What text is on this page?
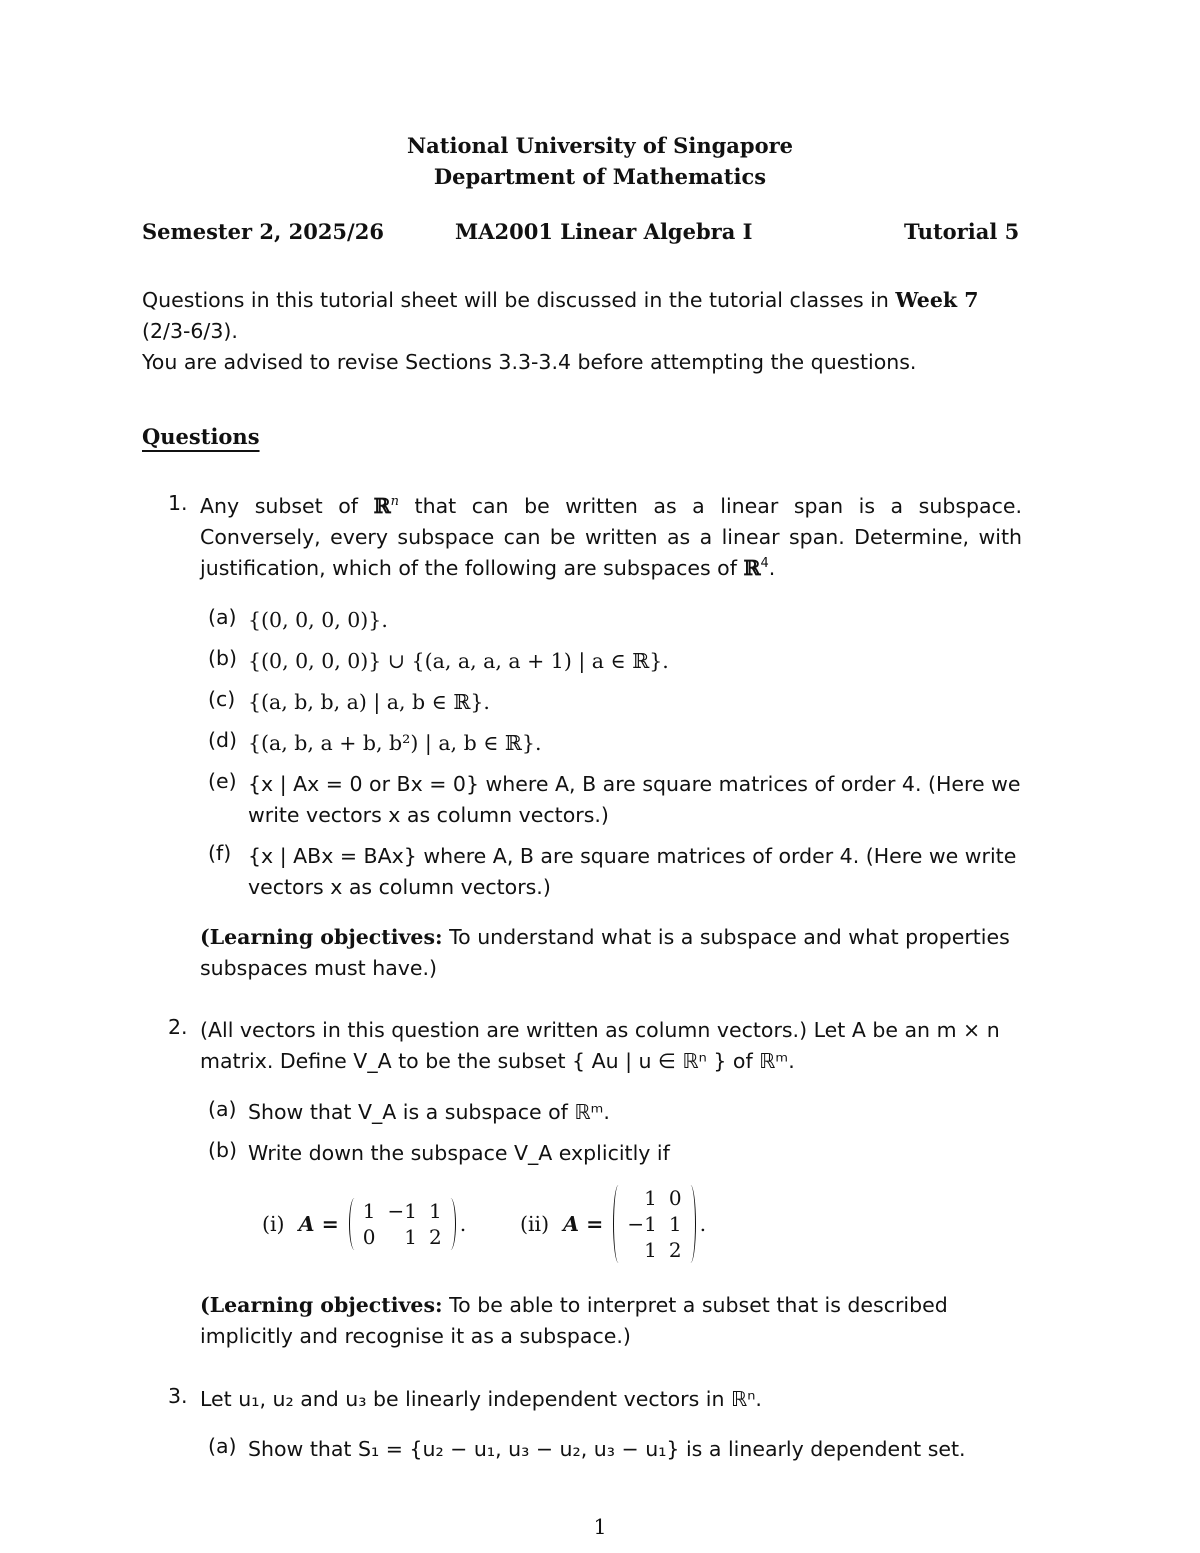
National University of Singapore
Department of Mathematics
Semester 2, 2025/26	MA2001 Linear Algebra I	Tutorial 5
Questions in this tutorial sheet will be discussed in the tutorial classes in Week 7 (2/3-6/3).
You are advised to revise Sections 3.3-3.4 before attempting the questions.
Questions
1. Any subset of ℝ$^n$ that can be written as a linear span is a subspace. Conversely, every subspace can be written as a linear span. Determine, with justification, which of the following are subspaces of ℝ$^4$.
(a) {(0, 0, 0, 0)}.
(b) {(0, 0, 0, 0)} ∪ {(a, a, a, a + 1) | a ∈ ℝ}.
(c) {(a, b, b, a) | a, b ∈ ℝ}.
(d) {(a, b, a + b, b²) | a, b ∈ ℝ}.
(e) {x | Ax = 0 or Bx = 0} where A, B are square matrices of order 4. (Here we write vectors x as column vectors.)
(f) {x | ABx = BAx} where A, B are square matrices of order 4. (Here we write vectors x as column vectors.)
(Learning objectives: To understand what is a subspace and what properties subspaces must have.)
2. (All vectors in this question are written as column vectors.) Let A be an m × n matrix. Define V_A to be the subset { Au | u ∈ ℝⁿ } of ℝᵐ.
(a) Show that V_A is a subspace of ℝᵐ.
(b) Write down the subspace V_A explicitly if
(i) A =
1	−1	1
0	1	2
.	(ii) A =
1	0
−1	1
1	2
.
(Learning objectives: To be able to interpret a subset that is described implicitly and recognise it as a subspace.)
3. Let u₁, u₂ and u₃ be linearly independent vectors in ℝⁿ.
(a) Show that S₁ = {u₂ − u₁, u₃ − u₂, u₃ − u₁} is a linearly dependent set.
1
